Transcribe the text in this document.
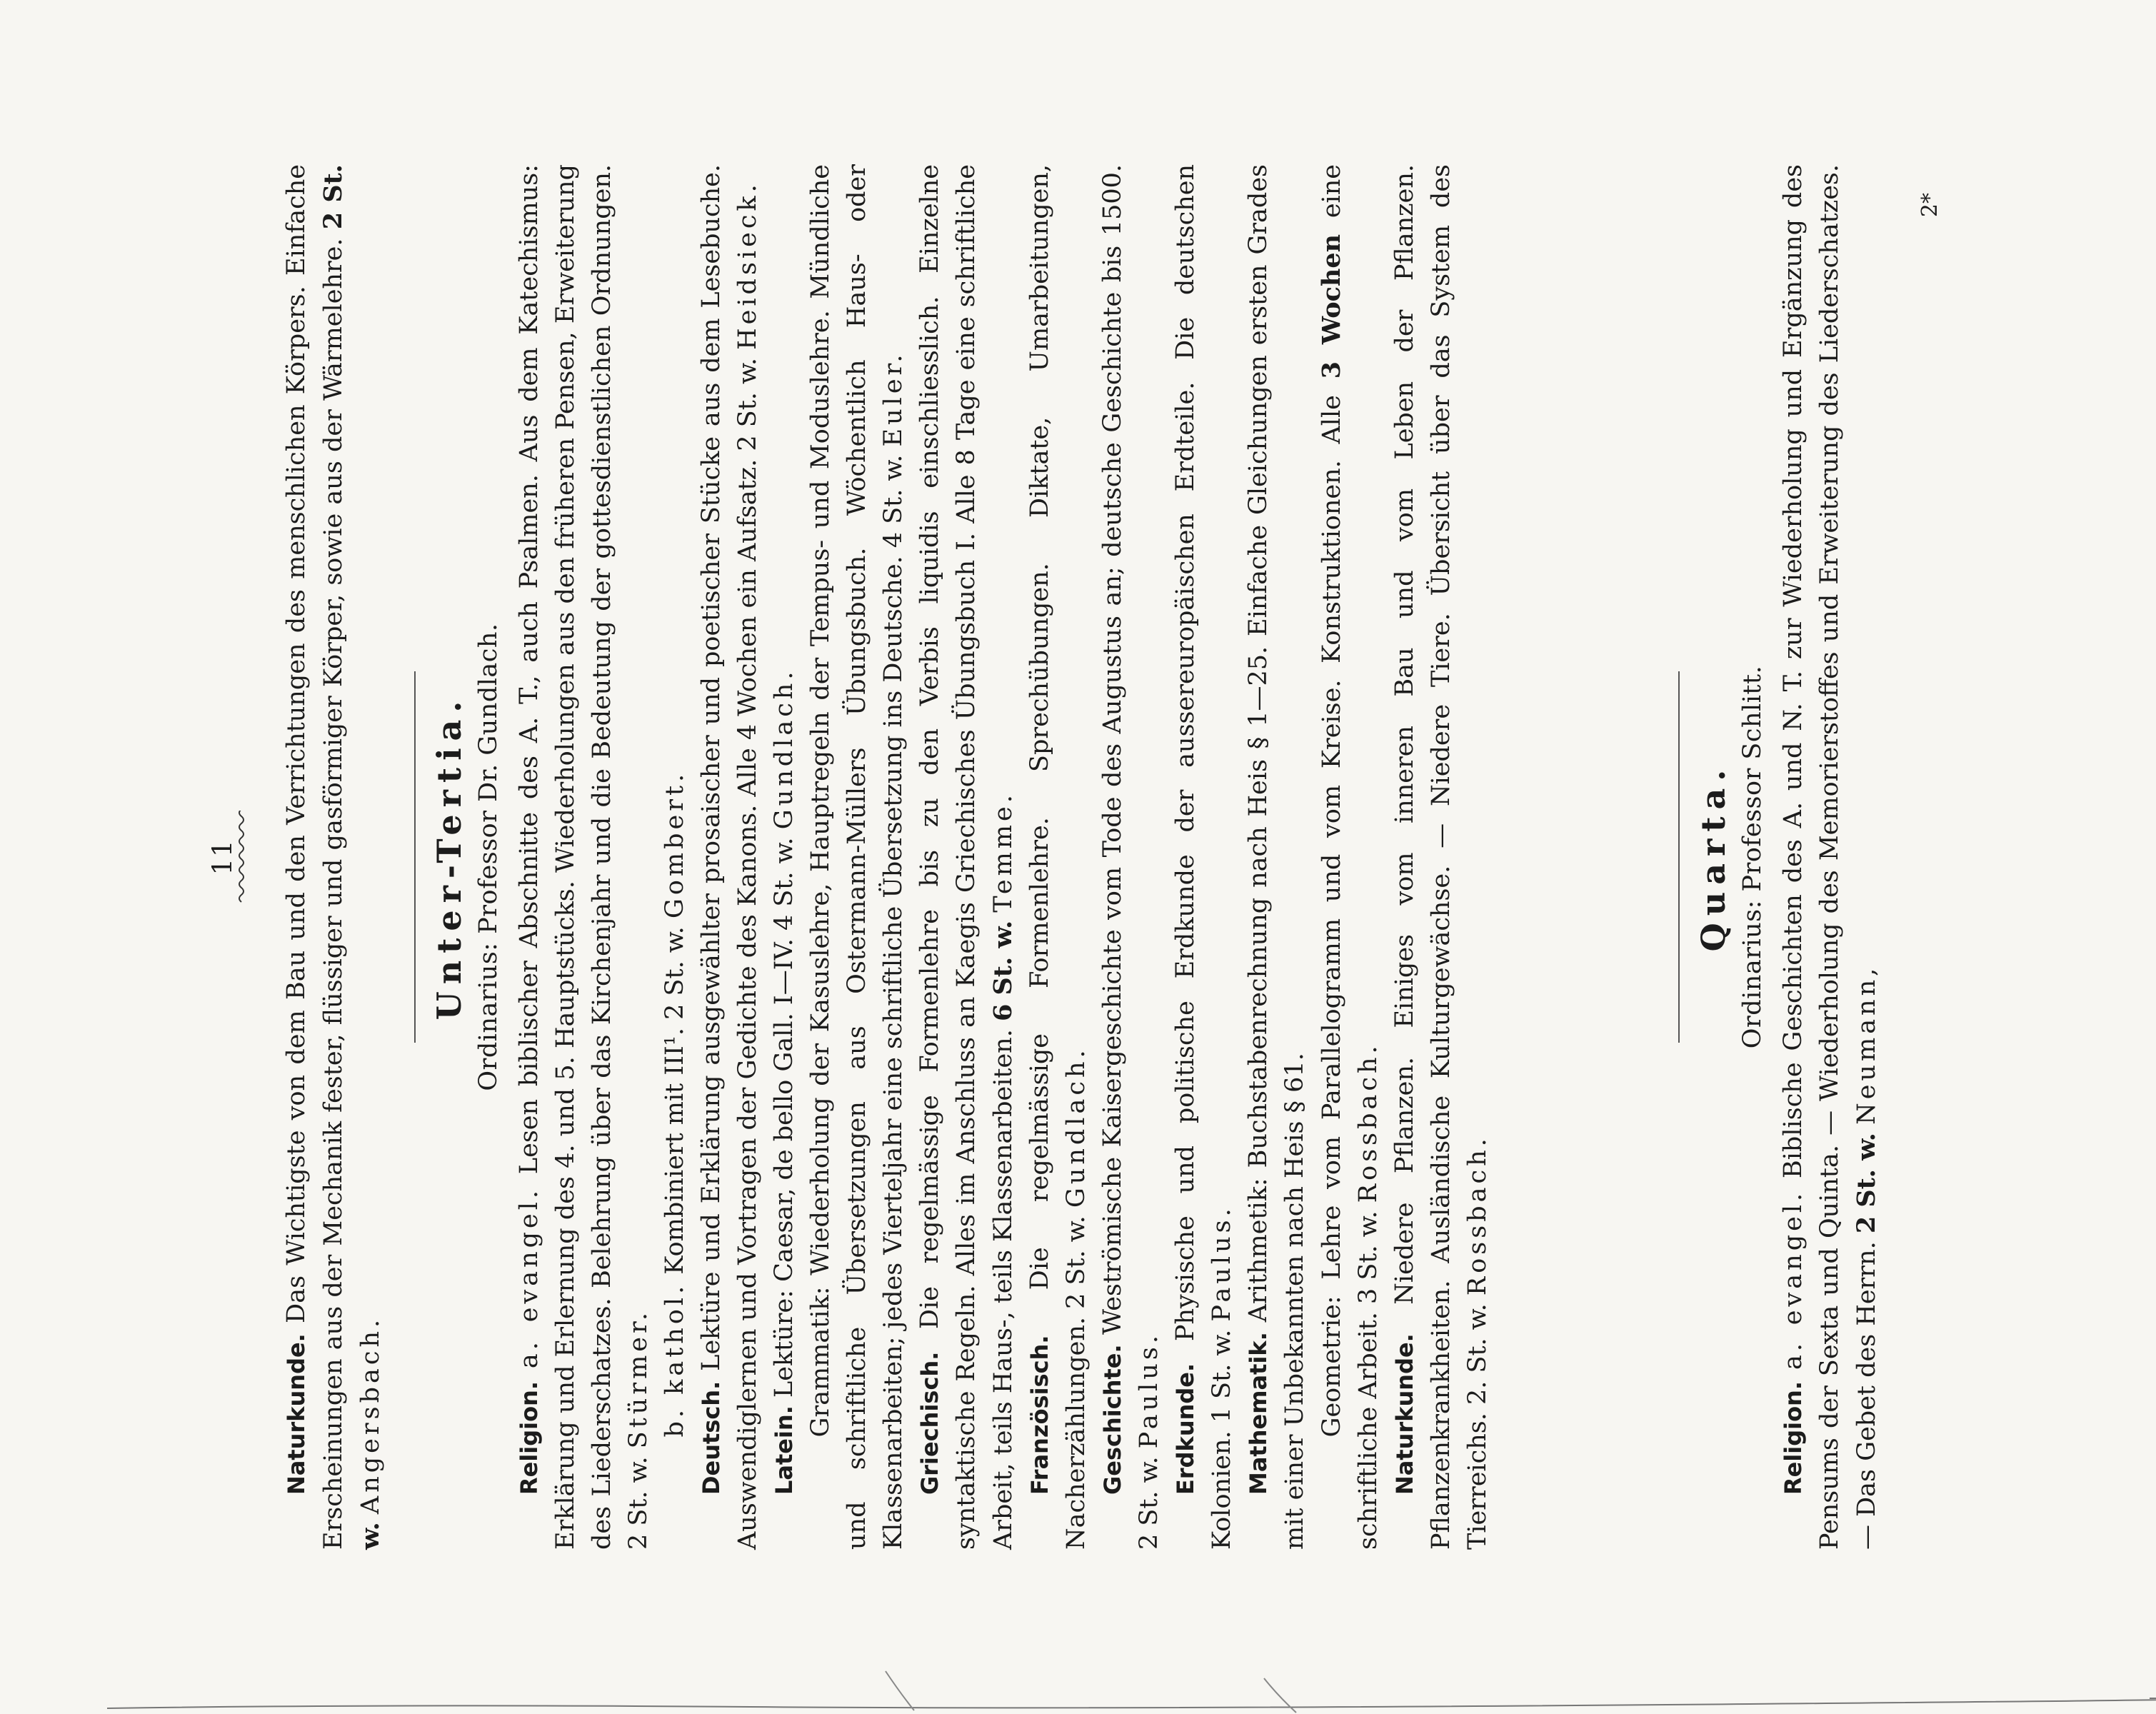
11

Naturkunde. Das Wichtigste von dem Bau und den Verrichtungen des menschlichen Körpers. Einfache Erscheinungen aus der Mechanik fester, flüssiger und gasförmiger Körper, sowie aus der Wärmelehre. 2 St. w. Angersbach.

Unter-Tertia. Ordinarius: Professor Dr. Gundlach.

Religion. a. evangel. Lesen biblischer Abschnitte des A. T., auch Psalmen. Aus dem Katechismus: Erklärung und Erlernung des 4. und 5. Hauptstücks. Wiederholungen aus den früheren Pensen, Erweiterung des Liederschatzes. Belehrung über das Kirchenjahr und die Bedeutung der gottesdienstlichen Ordnungen. 2 St. w. Stürmer. b. kathol. Kombiniert mit III¹. 2 St. w. Gombert.

Deutsch. Lektüre und Erklärung ausgewählter prosaischer und poetischer Stücke aus dem Lesebuche. Auswendiglernen und Vortragen der Gedichte des Kanons. Alle 4 Wochen ein Aufsatz. 2 St. w. Heidsieck.

Latein. Lektüre: Caesar, de bello Gall. I—IV. 4 St. w. Gundlach. Grammatik: Wiederholung der Kasuslehre, Hauptregeln der Tempus- und Moduslehre. Mündliche und schriftliche Übersetzungen aus Ostermann-Müllers Übungsbuch. Wöchentlich Haus- oder Klassenarbeiten; jedes Vierteljahr eine schriftliche Übersetzung ins Deutsche. 4 St. w. Euler.

Griechisch. Die regelmässige Formenlehre bis zu den Verbis liquidis einschliesslich. Einzelne syntaktische Regeln. Alles im Anschluss an Kaegis Griechisches Übungsbuch I. Alle 8 Tage eine schriftliche Arbeit, teils Haus-, teils Klassenarbeiten. 6 St. w. Temme.

Französisch. Die regelmässige Formenlehre. Sprechübungen. Diktate, Umarbeitungen, Nacherzählungen. 2 St. w. Gundlach.

Geschichte. Weströmische Kaisergeschichte vom Tode des Augustus an; deutsche Geschichte bis 1500. 2 St. w. Paulus. Erdkunde. Physische und politische Erdkunde der aussereuropäischen Erdteile. Die deutschen Kolonien. 1 St. w. Paulus.

Mathematik. Arithmetik: Buchstabenrechnung nach Heis § 1—25. Einfache Gleichungen ersten Grades mit einer Unbekannten nach Heis § 61. Geometrie: Lehre vom Parallelogramm und vom Kreise. Konstruktionen. Alle 3 Wochen eine schriftliche Arbeit. 3 St. w. Rossbach.

Naturkunde. Niedere Pflanzen. Einiges vom inneren Bau und vom Leben der Pflanzen. Pflanzenkrankheiten. Ausländische Kulturgewächse. — Niedere Tiere. Übersicht über das System des Tierreichs. 2. St. w. Rossbach.

Quarta. Ordinarius: Professor Schlitt.

Religion. a. evangel. Biblische Geschichten des A. und N. T. zur Wiederholung und Ergänzung des Pensums der Sexta und Quinta. — Wiederholung des Memorierstoffes und Erweiterung des Liederschatzes. — Das Gebet des Herrn. 2 St. w. Neumann,

2*
